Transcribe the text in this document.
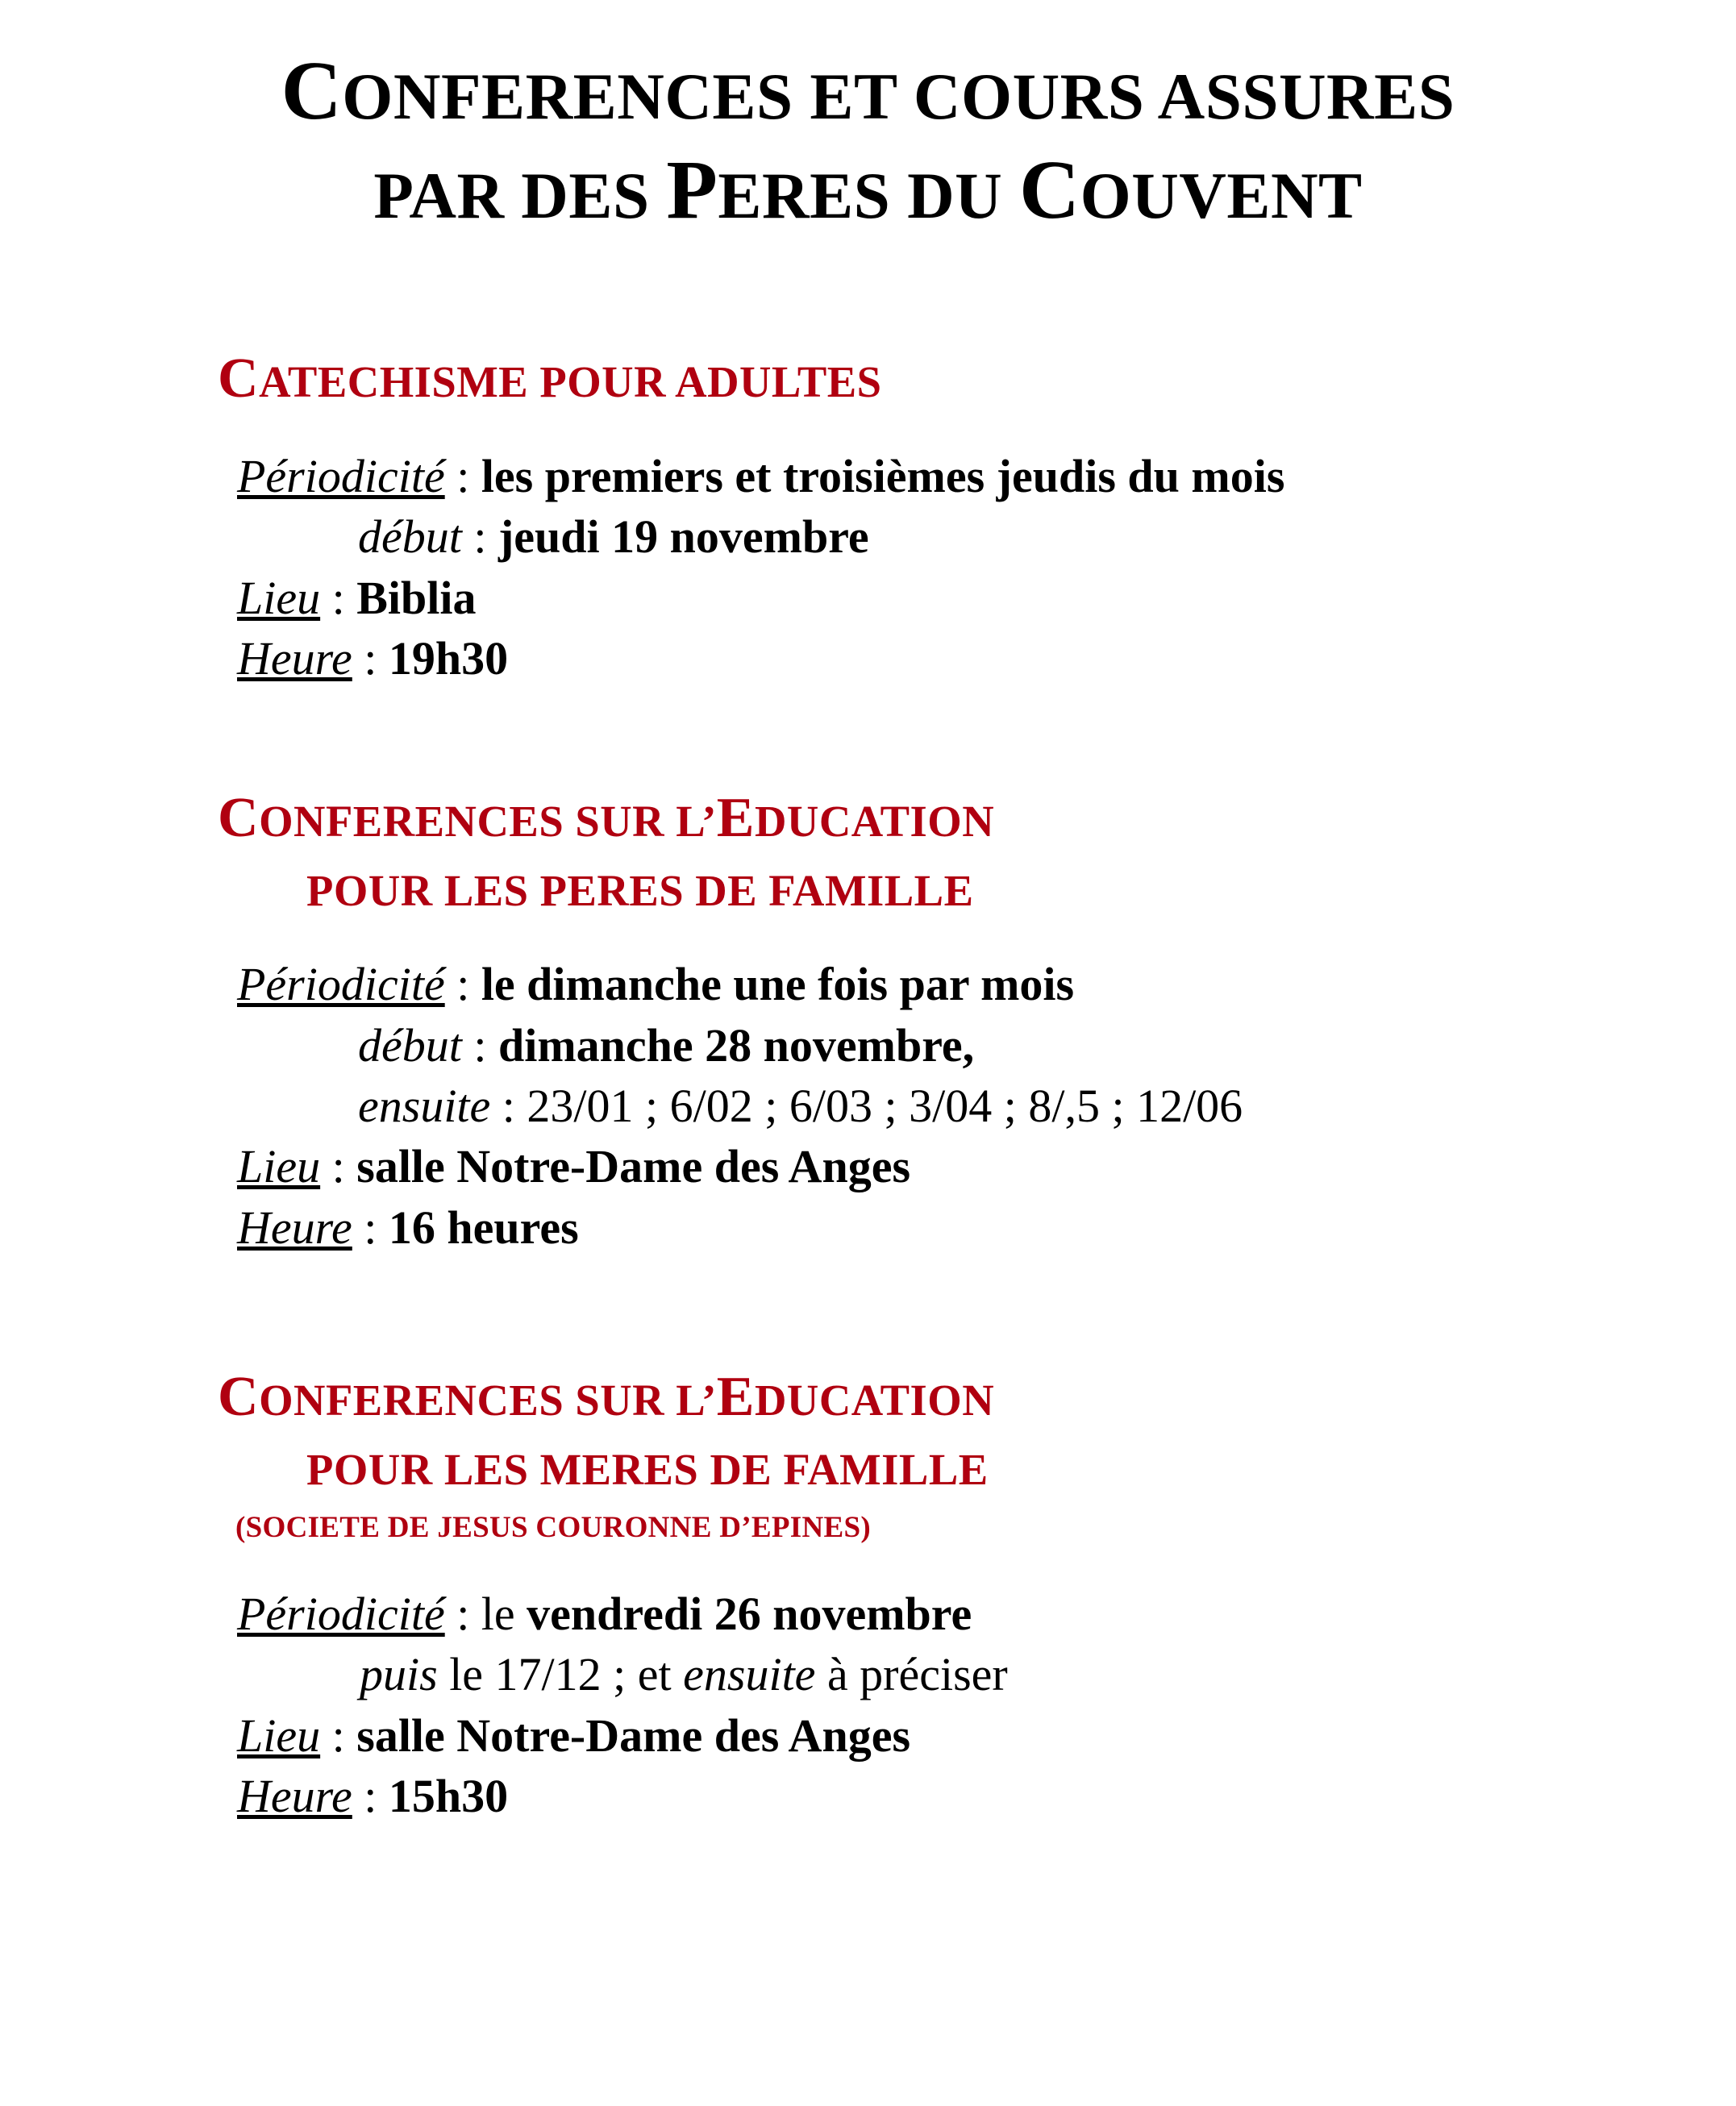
CONFERENCES ET COURS ASSURES
PAR DES PERES DU COUVENT
CATECHISME POUR ADULTES
Périodicité : les premiers et troisièmes jeudis du mois
début : jeudi 19 novembre
Lieu : Biblia
Heure : 19h30
CONFERENCES SUR L’EDUCATION
POUR LES PERES DE FAMILLE
Périodicité : le dimanche une fois par mois
début : dimanche 28 novembre,
ensuite : 23/01 ; 6/02 ; 6/03 ; 3/04 ; 8/,5 ; 12/06
Lieu : salle Notre-Dame des Anges
Heure : 16 heures
CONFERENCES SUR L’EDUCATION
POUR LES MERES DE FAMILLE
(SOCIETE DE JESUS COURONNE D’EPINES)
Périodicité : le vendredi 26 novembre
puis le 17/12 ; et ensuite à préciser
Lieu : salle Notre-Dame des Anges
Heure : 15h30
